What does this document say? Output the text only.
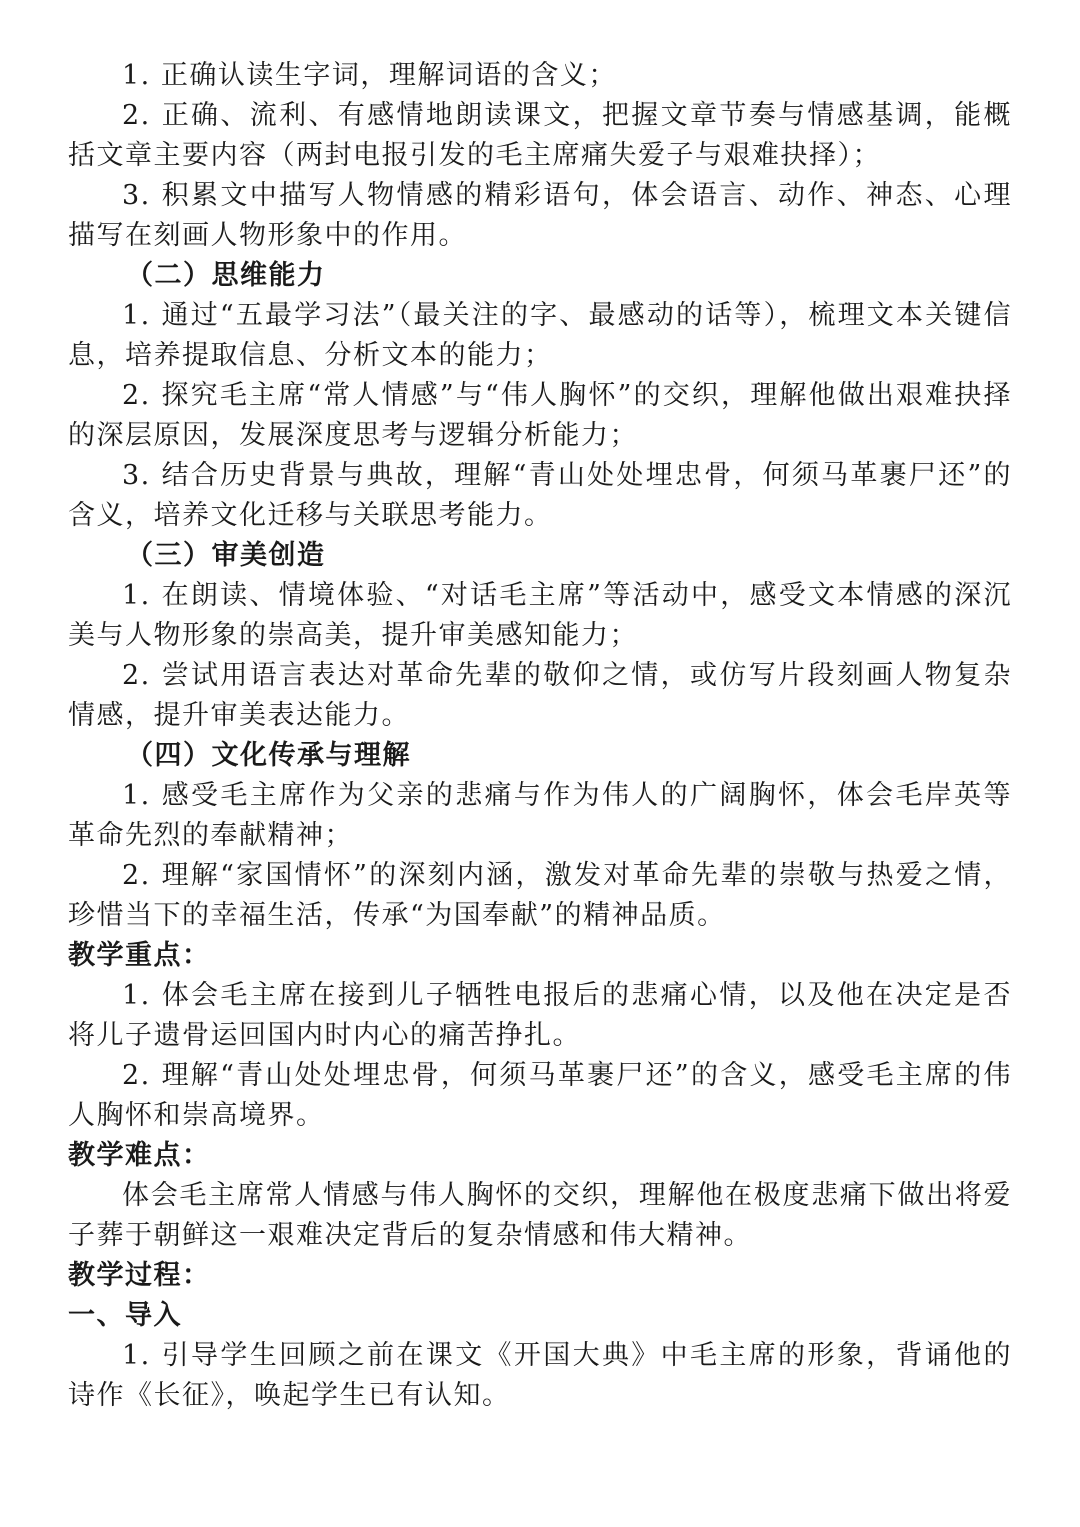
1. 正确认读生字词，理解词语的含义；

2. 正确、流利、有感情地朗读课文，把握文章节奏与情感基调，能概括文章主要内容（两封电报引发的毛主席痛失爱子与艰难抉择）；

3. 积累文中描写人物情感的精彩语句，体会语言、动作、神态、心理描写在刻画人物形象中的作用。

（二）思维能力

1. 通过“五最学习法”（最关注的字、最感动的话等），梳理文本关键信息，培养提取信息、分析文本的能力；

2. 探究毛主席“常人情感”与“伟人胸怀”的交织，理解他做出艰难抉择的深层原因，发展深度思考与逻辑分析能力；

3. 结合历史背景与典故，理解“青山处处埋忠骨，何须马革裹尸还”的含义，培养文化迁移与关联思考能力。

（三）审美创造

1. 在朗读、情境体验、“对话毛主席”等活动中，感受文本情感的深沉美与人物形象的崇高美，提升审美感知能力；

2. 尝试用语言表达对革命先辈的敬仰之情，或仿写片段刻画人物复杂情感，提升审美表达能力。

（四）文化传承与理解

1. 感受毛主席作为父亲的悲痛与作为伟人的广阔胸怀，体会毛岸英等革命先烈的奉献精神；

2. 理解“家国情怀”的深刻内涵，激发对革命先辈的崇敬与热爱之情，珍惜当下的幸福生活，传承“为国奉献”的精神品质。

教学重点：

1. 体会毛主席在接到儿子牺牲电报后的悲痛心情，以及他在决定是否将儿子遗骨运回国内时内心的痛苦挣扎。

2. 理解“青山处处埋忠骨，何须马革裹尸还”的含义，感受毛主席的伟人胸怀和崇高境界。

教学难点：

体会毛主席常人情感与伟人胸怀的交织，理解他在极度悲痛下做出将爱子葬于朝鲜这一艰难决定背后的复杂情感和伟大精神。

教学过程：

一、导入

1. 引导学生回顾之前在课文《开国大典》中毛主席的形象，背诵他的诗作《长征》，唤起学生已有认知。
